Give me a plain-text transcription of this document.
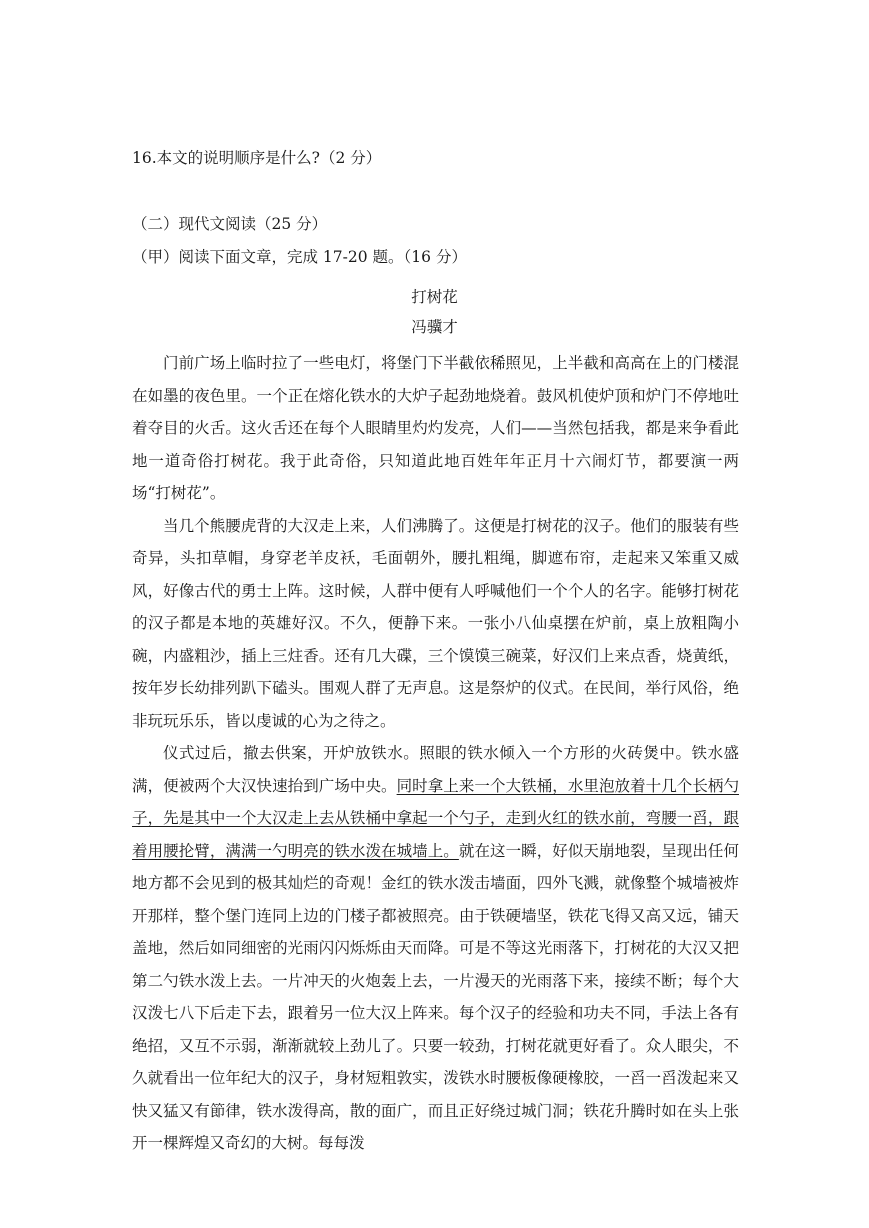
16.本文的说明顺序是什么?（2 分）
（二）现代文阅读（25 分）
（甲）阅读下面文章，完成 17-20 题。（16 分）
打树花
冯骥才

门前广场上临时拉了一些电灯，将堡门下半截依稀照见，上半截和高高在上的门楼混在如墨的夜色里。一个正在熔化铁水的大炉子起劲地烧着。鼓风机使炉顶和炉门不停地吐着夺目的火舌。这火舌还在每个人眼睛里灼灼发亮，人们——当然包括我，都是来争看此地一道奇俗打树花。我于此奇俗，只知道此地百姓年年正月十六闹灯节，都要演一两场“打树花”。

当几个熊腰虎背的大汉走上来，人们沸腾了。这便是打树花的汉子。他们的服装有些奇异，头扣草帽，身穿老羊皮袄，毛面朝外，腰扎粗绳，脚遮布帘，走起来又笨重又威风，好像古代的勇士上阵。这时候，人群中便有人呼喊他们一个个人的名字。能够打树花的汉子都是本地的英雄好汉。不久，便静下来。一张小八仙桌摆在炉前，桌上放粗陶小碗，内盛粗沙，插上三炷香。还有几大碟，三个馍馍三碗菜，好汉们上来点香，烧黄纸，按年岁长幼排列趴下磕头。围观人群了无声息。这是祭炉的仪式。在民间，举行风俗，绝非玩玩乐乐，皆以虔诚的心为之待之。

仪式过后，撤去供案，开炉放铁水。照眼的铁水倾入一个方形的火砖煲中。铁水盛满，便被两个大汉快速抬到广场中央。同时拿上来一个大铁桶，水里泡放着十几个长柄勺子，先是其中一个大汉走上去从铁桶中拿起一个勺子，走到火红的铁水前，弯腰一舀，跟着用腰抡臂，满满一勺明亮的铁水泼在城墙上。就在这一瞬，好似天崩地裂，呈现出任何地方都不会见到的极其灿烂的奇观！金红的铁水泼击墙面，四外飞溅，就像整个城墙被炸开那样，整个堡门连同上边的门楼子都被照亮。由于铁硬墙坚，铁花飞得又高又远，铺天盖地，然后如同细密的光雨闪闪烁烁由天而降。可是不等这光雨落下，打树花的大汉又把第二勺铁水泼上去。一片冲天的火炮轰上去，一片漫天的光雨落下来，接续不断；每个大汉泼七八下后走下去，跟着另一位大汉上阵来。每个汉子的经验和功夫不同，手法上各有绝招，又互不示弱，渐渐就较上劲儿了。只要一较劲，打树花就更好看了。众人眼尖，不久就看出一位年纪大的汉子，身材短粗敦实，泼铁水时腰板像硬橡胶，一舀一舀泼起来又快又猛又有節律，铁水泼得高，散的面广，而且正好绕过城门洞；铁花升腾时如在头上张开一棵辉煌又奇幻的大树。每每泼
